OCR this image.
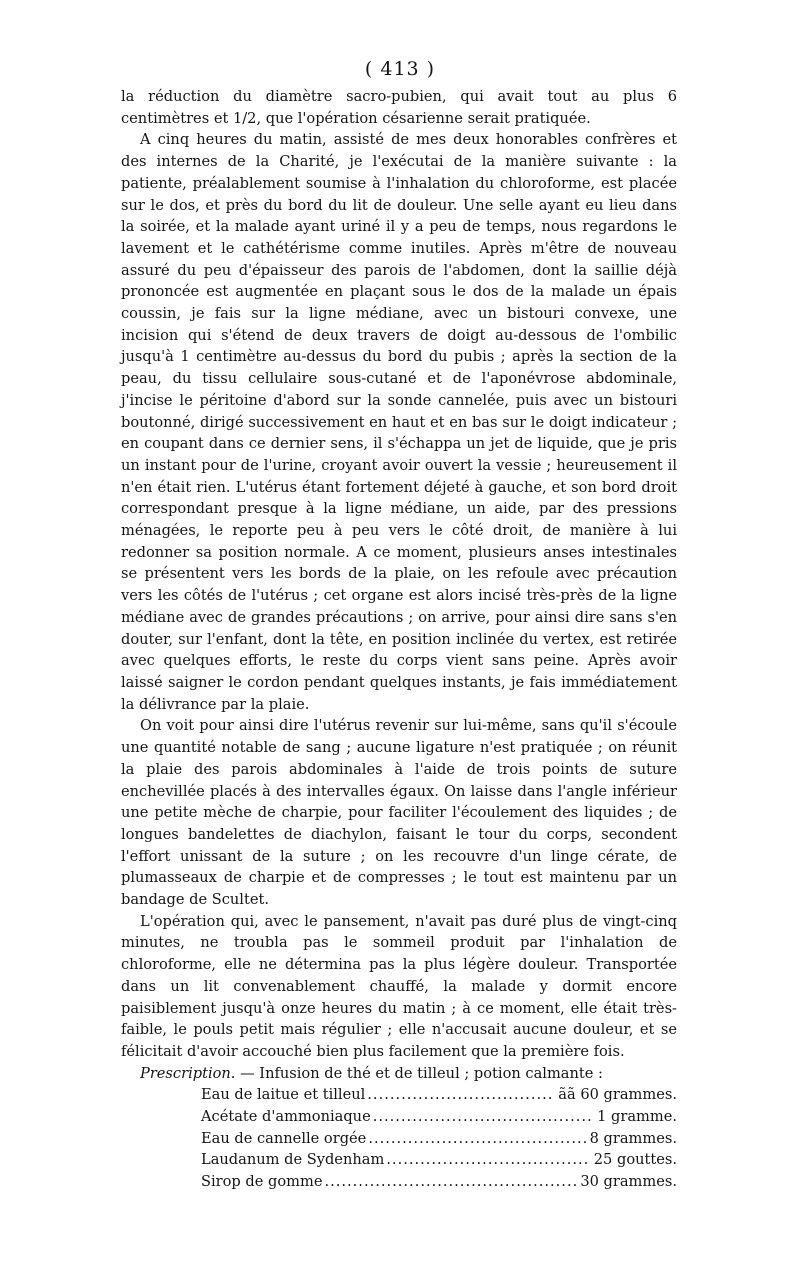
( 413 )

la réduction du diamètre sacro-pubien, qui avait tout au plus 6 centimètres et 1/2, que l'opération césarienne serait pratiquée.

A cinq heures du matin, assisté de mes deux honorables confrères et des internes de la Charité, je l'exécutai de la manière suivante : la patiente, préalablement soumise à l'inhalation du chloroforme, est placée sur le dos, et près du bord du lit de douleur. Une selle ayant eu lieu dans la soirée, et la malade ayant uriné il y a peu de temps, nous regardons le lavement et le cathétérisme comme inutiles. Après m'être de nouveau assuré du peu d'épaisseur des parois de l'abdomen, dont la saillie déjà prononcée est augmentée en plaçant sous le dos de la malade un épais coussin, je fais sur la ligne médiane, avec un bistouri convexe, une incision qui s'étend de deux travers de doigt au-dessous de l'ombilic jusqu'à 1 centimètre au-dessus du bord du pubis ; après la section de la peau, du tissu cellulaire sous-cutané et de l'aponévrose abdominale, j'incise le péritoine d'abord sur la sonde cannelée, puis avec un bistouri boutonné, dirigé successivement en haut et en bas sur le doigt indicateur ; en coupant dans ce dernier sens, il s'échappa un jet de liquide, que je pris un instant pour de l'urine, croyant avoir ouvert la vessie ; heureusement il n'en était rien. L'utérus étant fortement déjeté à gauche, et son bord droit correspondant presque à la ligne médiane, un aide, par des pressions ménagées, le reporte peu à peu vers le côté droit, de manière à lui redonner sa position normale. A ce moment, plusieurs anses intestinales se présentent vers les bords de la plaie, on les refoule avec précaution vers les côtés de l'utérus ; cet organe est alors incisé très-près de la ligne médiane avec de grandes précautions ; on arrive, pour ainsi dire sans s'en douter, sur l'enfant, dont la tête, en position inclinée du vertex, est retirée avec quelques efforts, le reste du corps vient sans peine. Après avoir laissé saigner le cordon pendant quelques instants, je fais immédiatement la délivrance par la plaie.

On voit pour ainsi dire l'utérus revenir sur lui-même, sans qu'il s'écoule une quantité notable de sang ; aucune ligature n'est pratiquée ; on réunit la plaie des parois abdominales à l'aide de trois points de suture enchevillée placés à des intervalles égaux. On laisse dans l'angle inférieur une petite mèche de charpie, pour faciliter l'écoulement des liquides ; de longues bandelettes de diachylon, faisant le tour du corps, secondent l'effort unissant de la suture ; on les recouvre d'un linge cérate, de plumasseaux de charpie et de compresses ; le tout est maintenu par un bandage de Scultet.

L'opération qui, avec le pansement, n'avait pas duré plus de vingt-cinq minutes, ne troubla pas le sommeil produit par l'inhalation de chloroforme, elle ne détermina pas la plus légère douleur. Transportée dans un lit convenablement chauffé, la malade y dormit encore paisiblement jusqu'à onze heures du matin ; à ce moment, elle était très-faible, le pouls petit mais régulier ; elle n'accusait aucune douleur, et se félicitait d'avoir accouché bien plus facilement que la première fois.

Prescription. — Infusion de thé et de tilleul ; potion calmante :

Eau de laitue et tilleul .....	ãã 60 grammes.
Acétate d'ammoniaque .....	1 gramme.
Eau de cannelle orgée .....	8 grammes.
Laudanum de Sydenham .....	25 gouttes.
Sirop de gomme .....	30 grammes.
